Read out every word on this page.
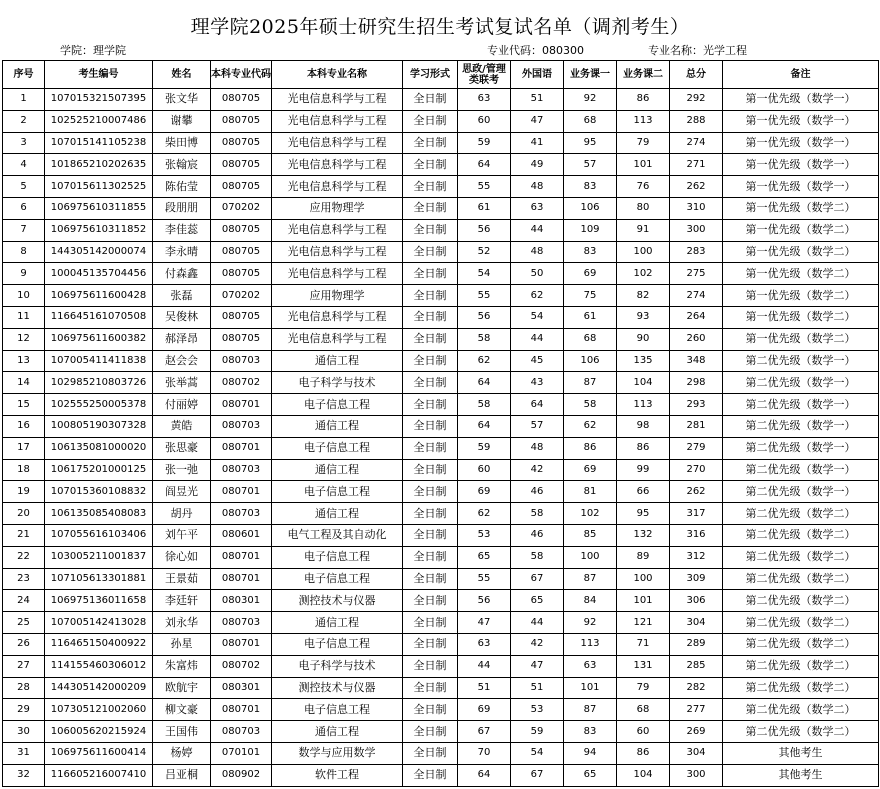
理学院2025年硕士研究生招生考试复试名单（调剂考生）
学院：理学院	专业代码：080300	专业名称：光学工程
序号	考生编号	姓名	本科专业代码	本科专业名称	学习形式	思政/管理类联考	外国语	业务课一	业务课二	总分	备注
1	107015321507395	张文华	080705	光电信息科学与工程	全日制	63	51	92	86	292	第一优先级（数学一）
2	102525210007486	谢攀	080705	光电信息科学与工程	全日制	60	47	68	113	288	第一优先级（数学一）
3	107015141105238	柴田博	080705	光电信息科学与工程	全日制	59	41	95	79	274	第一优先级（数学一）
4	101865210202635	张翰宸	080705	光电信息科学与工程	全日制	64	49	57	101	271	第一优先级（数学一）
5	107015611302525	陈佑莹	080705	光电信息科学与工程	全日制	55	48	83	76	262	第一优先级（数学一）
6	106975610311855	段朋朋	070202	应用物理学	全日制	61	63	106	80	310	第一优先级（数学二）
7	106975610311852	李佳蕊	080705	光电信息科学与工程	全日制	56	44	109	91	300	第一优先级（数学二）
8	144305142000074	李永晴	080705	光电信息科学与工程	全日制	52	48	83	100	283	第一优先级（数学二）
9	100045135704456	付森鑫	080705	光电信息科学与工程	全日制	54	50	69	102	275	第一优先级（数学二）
10	106975611600428	张磊	070202	应用物理学	全日制	55	62	75	82	274	第一优先级（数学二）
11	116645161070508	吴俊林	080705	光电信息科学与工程	全日制	56	54	61	93	264	第一优先级（数学二）
12	106975611600382	郝泽昂	080705	光电信息科学与工程	全日制	58	44	68	90	260	第一优先级（数学二）
13	107005411411838	赵会会	080703	通信工程	全日制	62	45	106	135	348	第二优先级（数学一）
14	102985210803726	张举蒿	080702	电子科学与技术	全日制	64	43	87	104	298	第二优先级（数学一）
15	102555250005378	付丽婷	080701	电子信息工程	全日制	58	64	58	113	293	第二优先级（数学一）
16	100805190307328	黄皓	080703	通信工程	全日制	64	57	62	98	281	第二优先级（数学一）
17	106135081000020	张思豪	080701	电子信息工程	全日制	59	48	86	86	279	第二优先级（数学一）
18	106175201000125	张一弛	080703	通信工程	全日制	60	42	69	99	270	第二优先级（数学一）
19	107015360108832	阎昱光	080701	电子信息工程	全日制	69	46	81	66	262	第二优先级（数学一）
20	106135085408083	胡丹	080703	通信工程	全日制	62	58	102	95	317	第二优先级（数学二）
21	107055616103406	刘午平	080601	电气工程及其自动化	全日制	53	46	85	132	316	第二优先级（数学二）
22	103005211001837	徐心如	080701	电子信息工程	全日制	65	58	100	89	312	第二优先级（数学二）
23	107105613301881	王景茹	080701	电子信息工程	全日制	55	67	87	100	309	第二优先级（数学二）
24	106975136011658	李廷轩	080301	测控技术与仪器	全日制	56	65	84	101	306	第二优先级（数学二）
25	107005142413028	刘永华	080703	通信工程	全日制	47	44	92	121	304	第二优先级（数学二）
26	116465150400922	孙星	080701	电子信息工程	全日制	63	42	113	71	289	第二优先级（数学二）
27	114155460306012	朱富炜	080702	电子科学与技术	全日制	44	47	63	131	285	第二优先级（数学二）
28	144305142000209	欧航宇	080301	测控技术与仪器	全日制	51	51	101	79	282	第二优先级（数学二）
29	107305121002060	柳文豪	080701	电子信息工程	全日制	69	53	87	68	277	第二优先级（数学二）
30	106005620215924	王国伟	080703	通信工程	全日制	67	59	83	60	269	第二优先级（数学二）
31	106975611600414	杨婷	070101	数学与应用数学	全日制	70	54	94	86	304	其他考生
32	116605216007410	吕亚桐	080902	软件工程	全日制	64	67	65	104	300	其他考生
